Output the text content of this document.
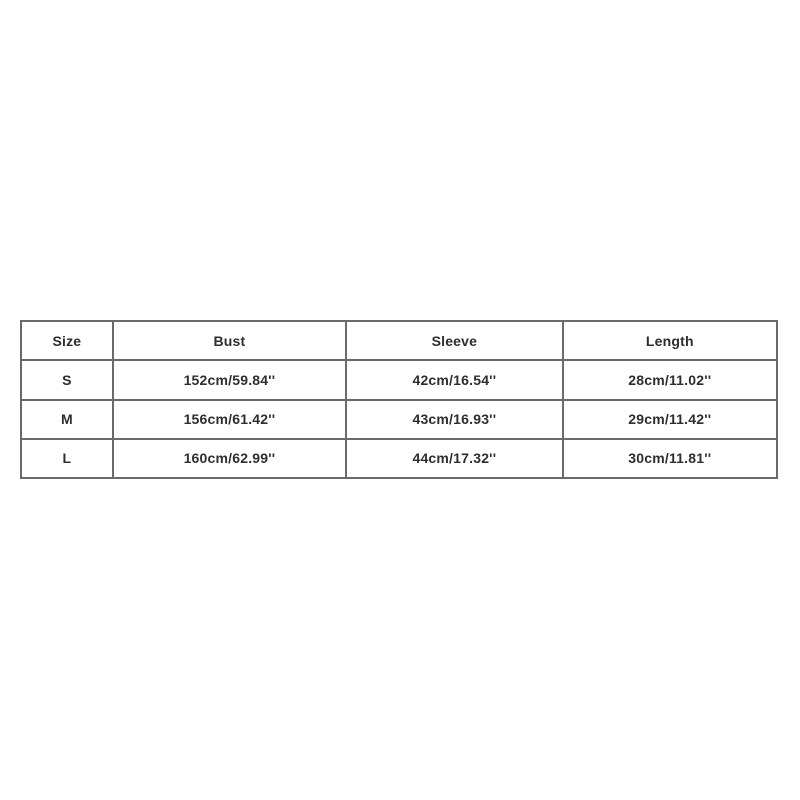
Size	Bust	Sleeve	Length
S	152cm/59.84''	42cm/16.54''	28cm/11.02''
M	156cm/61.42''	43cm/16.93''	29cm/11.42''
L	160cm/62.99''	44cm/17.32''	30cm/11.81''
